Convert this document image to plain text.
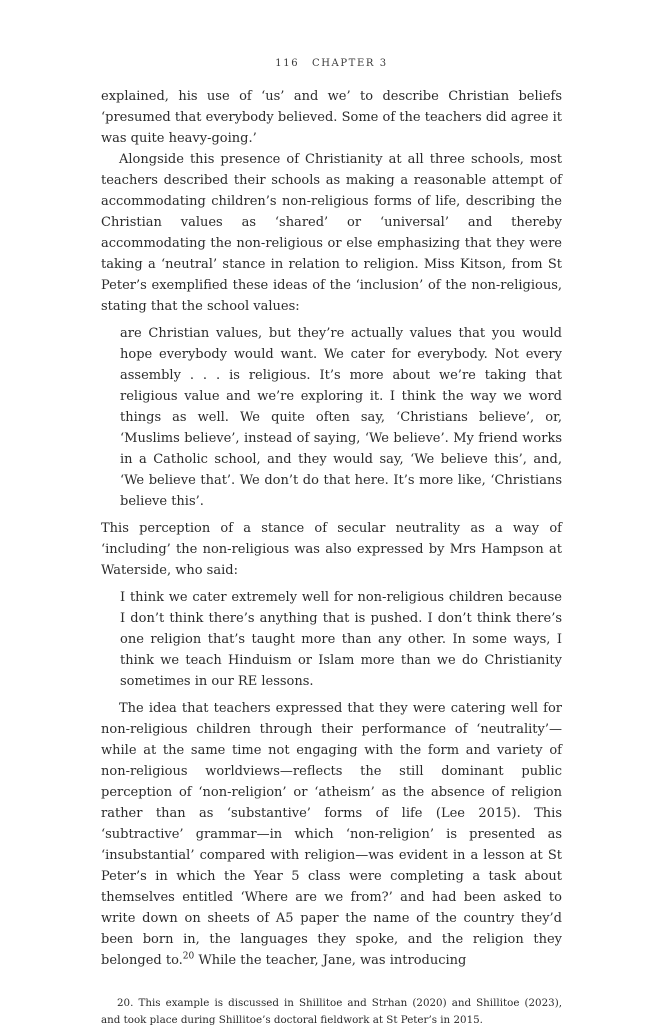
116 CHAPTER 3

explained, his use of ‘us’ and we’ to describe Christian beliefs ‘presumed that everybody believed. Some of the teachers did agree it was quite heavy-going.’

Alongside this presence of Christianity at all three schools, most teachers described their schools as making a reasonable attempt of accommodating children’s non-religious forms of life, describing the Christian values as ‘shared’ or ‘universal’ and thereby accommodating the non-religious or else emphasizing that they were taking a ‘neutral’ stance in relation to religion. Miss Kitson, from St Peter’s exemplified these ideas of the ‘inclusion’ of the non-religious, stating that the school values:

are Christian values, but they’re actually values that you would hope everybody would want. We cater for everybody. Not every assembly . . . is religious. It’s more about we’re taking that religious value and we’re exploring it. I think the way we word things as well. We quite often say, ‘Christians believe’, or, ‘Muslims believe’, instead of saying, ‘We believe’. My friend works in a Catholic school, and they would say, ‘We believe this’, and, ‘We believe that’. We don’t do that here. It’s more like, ‘Christians believe this’.

This perception of a stance of secular neutrality as a way of ‘including’ the non-religious was also expressed by Mrs Hampson at Waterside, who said:

I think we cater extremely well for non-religious children because I don’t think there’s anything that is pushed. I don’t think there’s one religion that’s taught more than any other. In some ways, I think we teach Hinduism or Islam more than we do Christianity sometimes in our RE lessons.

The idea that teachers expressed that they were catering well for non-religious children through their performance of ‘neutrality’—while at the same time not engaging with the form and variety of non-religious worldviews—reflects the still dominant public perception of ‘non-religion’ or ‘atheism’ as the absence of religion rather than as ‘substantive’ forms of life (Lee 2015). This ‘subtractive’ grammar—in which ‘non-religion’ is presented as ‘insubstantial’ compared with religion—was evident in a lesson at St Peter’s in which the Year 5 class were completing a task about themselves entitled ‘Where are we from?’ and had been asked to write down on sheets of A5 paper the name of the country they’d been born in, the languages they spoke, and the religion they belonged to.$^{20}$ While the teacher, Jane, was introducing

20. This example is discussed in Shillitoe and Strhan (2020) and Shillitoe (2023), and took place during Shillitoe’s doctoral fieldwork at St Peter’s in 2015.
